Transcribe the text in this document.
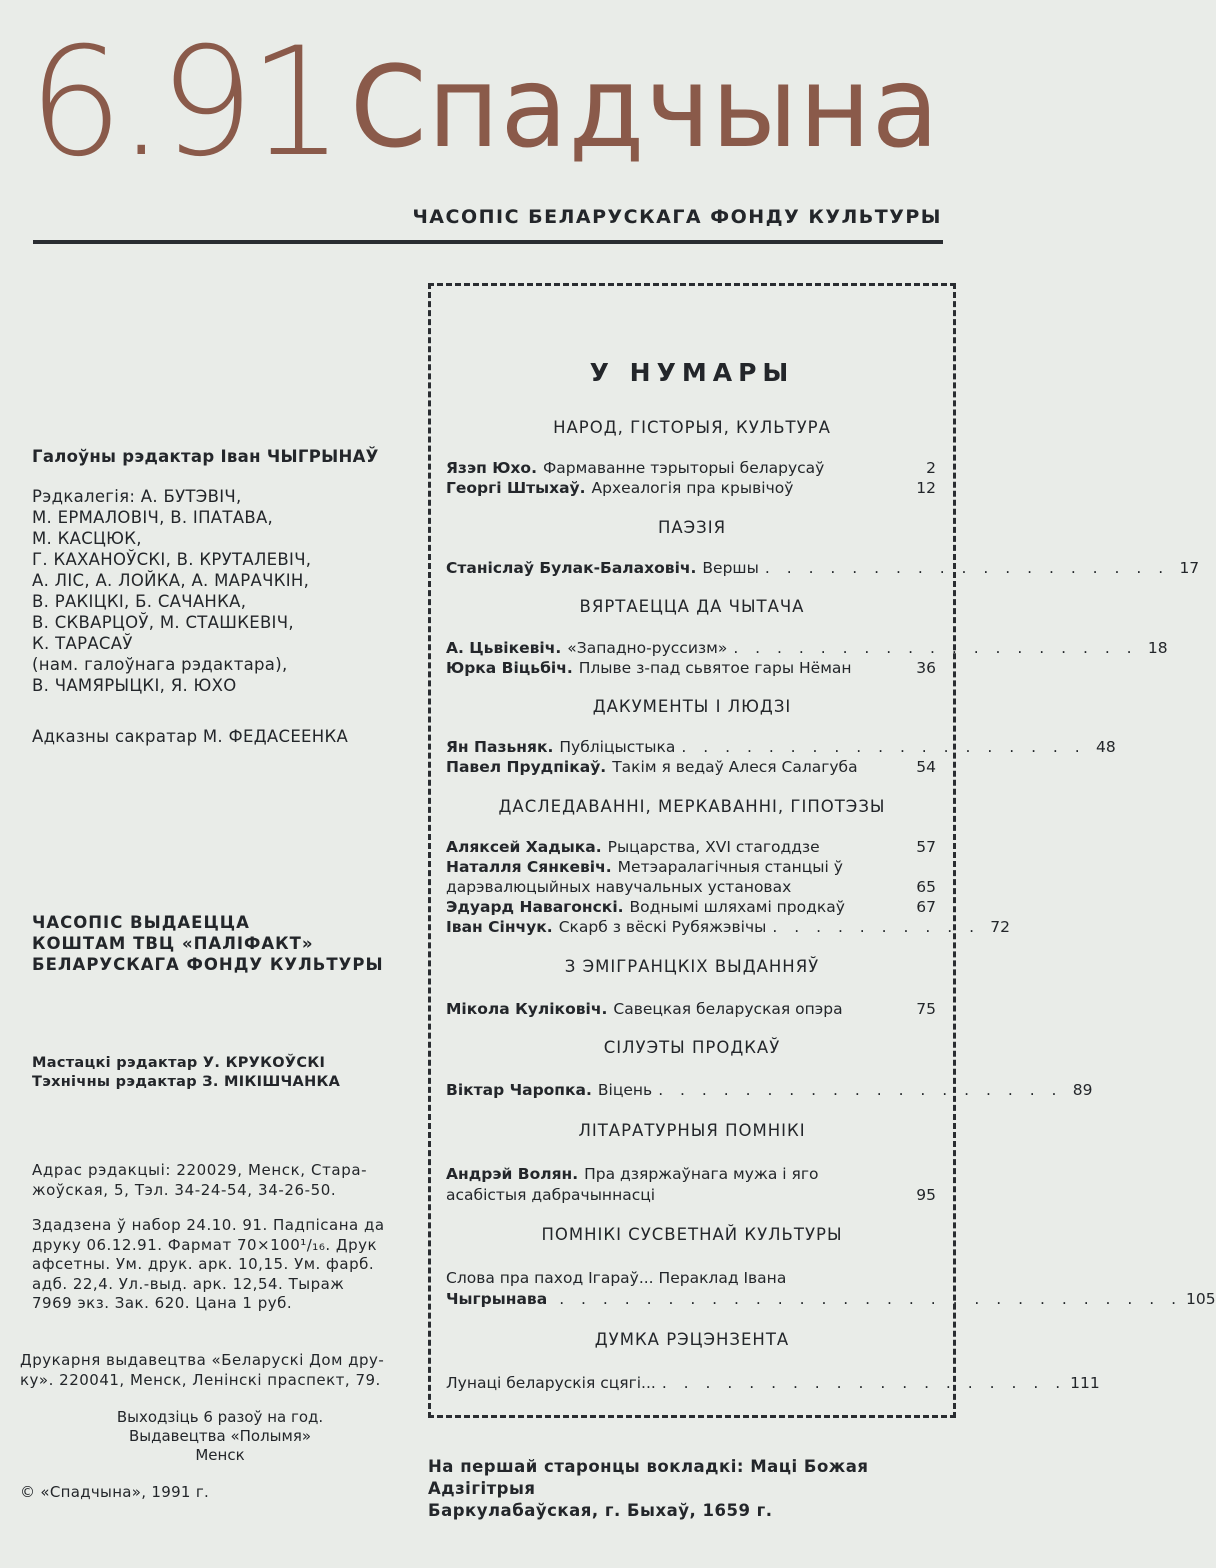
6.91 Спадчына
ЧАСОПІС БЕЛАРУСКАГА ФОНДУ КУЛЬТУРЫ
Галоўны рэдактар Іван ЧЫГРЫНАЎ
Рэдкалегія: А. БУТЭВІЧ,
М. ЕРМАЛОВІЧ, В. ІПАТАВА,
М. КАСЦЮК,
Г. КАХАНОЎСКІ, В. КРУТАЛЕВІЧ,
А. ЛІС, А. ЛОЙКА, А. МАРАЧКІН,
В. РАКІЦКІ, Б. САЧАНКА,
В. СКВАРЦОЎ, М. СТАШКЕВІЧ,
К. ТАРАСАЎ
(нам. галоўнага рэдактара),
В. ЧАМЯРЫЦКІ, Я. ЮХО
Адказны сакратар М. ФЕДАСЕЕНКА
ЧАСОПІС ВЫДАЕЦЦА
КОШТАМ ТВЦ «ПАЛІФАКТ»
БЕЛАРУСКАГА ФОНДУ КУЛЬТУРЫ
Мастацкі рэдактар У. КРУКОЎСКІ
Тэхнічны рэдактар З. МІКІШЧАНКА
Адрас рэдакцыі: 220029, Менск, Стара-
жоўская, 5, Тэл. 34-24-54, 34-26-50.
Здадзена ў набор 24.10. 91. Падпісана да
друку 06.12.91. Фармат 70×100¹/₁₆. Друк
афсетны. Ум. друк. арк. 10,15. Ум. фарб.
адб. 22,4. Ул.-выд. арк. 12,54. Тыраж
7969 экз. Зак. 620. Цана 1 руб.
Друкарня выдавецтва «Беларускі Дом дру-
ку». 220041, Менск, Ленінскі праспект, 79.
Выходзіць 6 разоў на год.
Выдавецтва «Полымя»
Менск
© «Спадчына», 1991 г.
У НУМАРЫ
НАРОД, ГІСТОРЫЯ, КУЛЬТУРА
Язэп Юхо. Фармаванне тэрыторыі беларусаў	2
Георгі Штыхаў. Археалогія пра крывічоў	12
ПАЭЗІЯ
Станіслаў Булак-Балаховіч. Вершы . . . . . . . . . . . . . . . . . . . 17
ВЯРТАЕЦЦА ДА ЧЫТАЧА
А. Цьвікевіч. «Западно-руссизм» . . . . . . . . . . . . . . . . . . . 18
Юрка Віцьбіч. Плыве з-пад сьвятое гары Нёман	36
ДАКУМЕНТЫ І ЛЮДЗІ
Ян Пазьняк. Публіцыстыка . . . . . . . . . . . . . . . . . . . 48
Павел Прудпікаў. Такім я ведаў Алеся Салагуба	54
ДАСЛЕДАВАННІ, МЕРКАВАННІ, ГІПОТЭЗЫ
Аляксей Хадыка. Рыцарства, XVI стагоддзе	57
Наталля Сянкевіч. Метэаралагічныя станцыі ў
дарэвалюцыйных навучальных установах	65
Эдуард Навагонскі. Воднымі шляхамі продкаў	67
Іван Сінчук. Скарб з вёскі Рубяжэвічы . . . . . . . . . . 72
З ЭМІГРАНЦКІХ ВЫДАННЯЎ
Мікола Куліковіч. Савецкая беларуская опэра	75
СІЛУЭТЫ ПРОДКАЎ
Віктар Чаропка. Віцень . . . . . . . . . . . . . . . . . . . 89
ЛІТАРАТУРНЫЯ ПОМНІКІ
Андрэй Волян. Пра дзяржаўнага мужа і яго
асабістыя дабрачыннасці	95
ПОМНІКІ СУСВЕТНАЙ КУЛЬТУРЫ
Слова пра паход Ігараў... Пераклад Івана
Чыгрынава . . . . . . . . . . . . . . . . . . . . . . . . . . . . . 105
ДУМКА РЭЦЭНЗЕНТА
Лунаці беларускія сцягі... . . . . . . . . . . . . . . . . . . . 111
На першай старонцы вокладкі: Маці Божая Адзігітрыя
Баркулабаўская, г. Быхаў, 1659 г.
